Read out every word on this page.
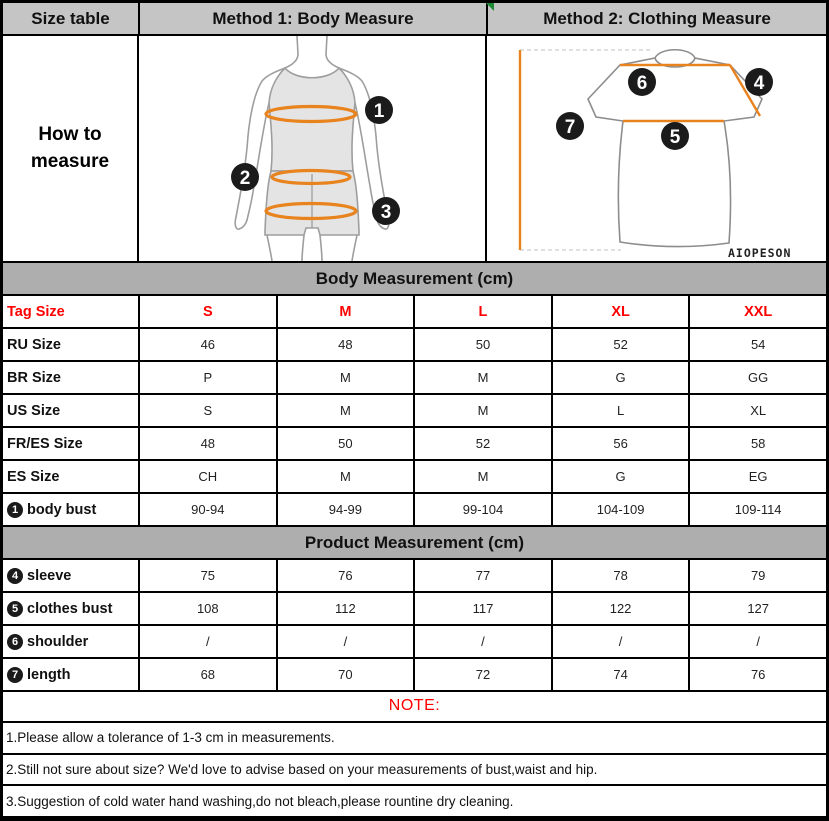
Size table	Method 1: Body Measure	Method 2: Clothing Measure
How to measure
1
2
3
6	4
7	5
AIOPESON
Body Measurement (cm)
Tag Size	S	M	L	XL	XXL
RU Size	46	48	50	52	54
BR Size	P	M	M	G	GG
US Size	S	M	M	L	XL
FR/ES Size	48	50	52	56	58
ES Size	CH	M	M	G	EG
1 body bust	90-94	94-99	99-104	104-109	109-114
Product Measurement (cm)
4 sleeve	75	76	77	78	79
5 clothes bust	108	112	117	122	127
6 shoulder	/	/	/	/	/
7 length	68	70	72	74	76
NOTE:
1.Please allow a tolerance of 1-3 cm in measurements.
2.Still not sure about size? We'd love to advise based on your measurements of bust,waist and hip.
3.Suggestion of cold water hand washing,do not bleach,please rountine dry cleaning.
